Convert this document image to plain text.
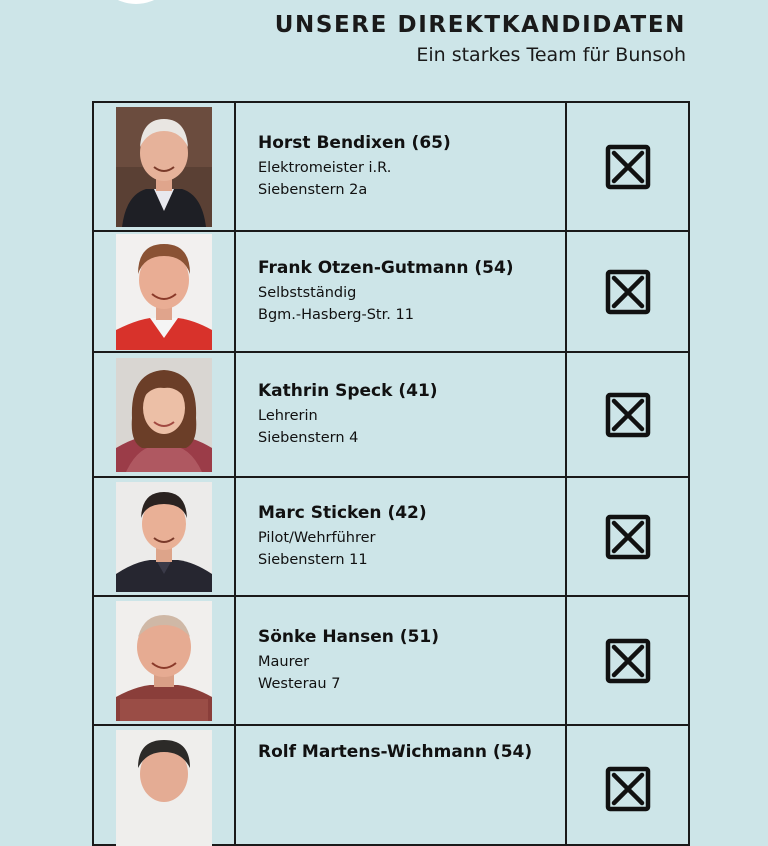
UNSERE DIREKTKANDIDATEN
Ein starkes Team für Bunsoh
Horst Bendixen (65)
Elektromeister i.R.
Siebenstern 2a
Frank Otzen-Gutmann (54)
Selbstständig
Bgm.-Hasberg-Str. 11
Kathrin Speck (41)
Lehrerin
Siebenstern 4
Marc Sticken (42)
Pilot/Wehrführer
Siebenstern 11
Sönke Hansen (51)
Maurer
Westerau 7
Rolf Martens-Wichmann (54)
